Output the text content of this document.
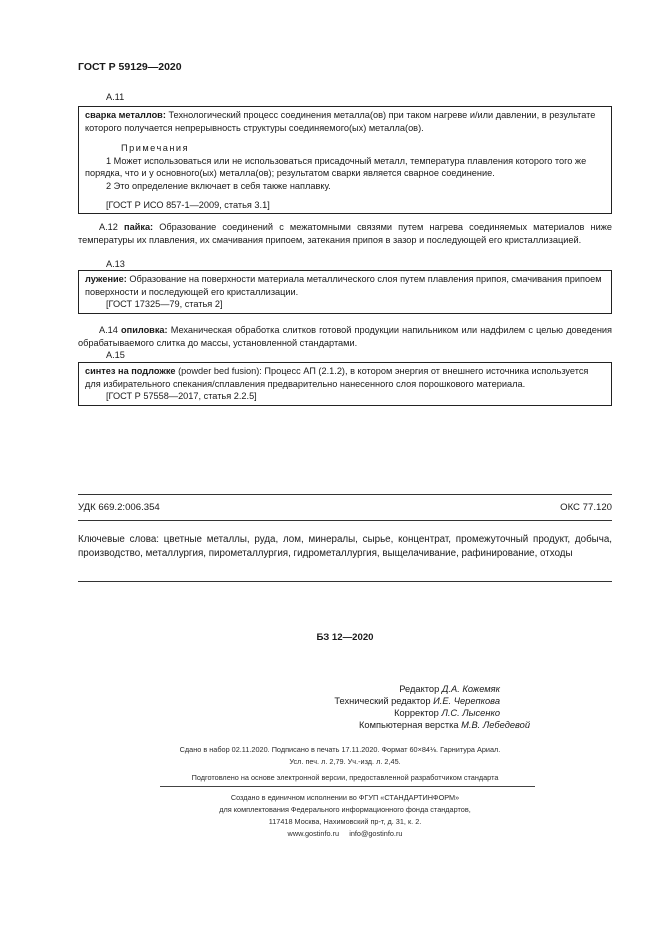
ГОСТ Р 59129—2020
А.11
сварка металлов: Технологический процесс соединения металла(ов) при таком нагреве и/или давлении, в результате которого получается непрерывность структуры соединяемого(ых) металла(ов).
Примечания
1 Может использоваться или не использоваться присадочный металл, температура плавления которого того же порядка, что и у основного(ых) металла(ов); результатом сварки является сварное соединение.
2 Это определение включает в себя также наплавку.
[ГОСТ Р ИСО 857-1—2009, статья 3.1]
А.12 пайка: Образование соединений с межатомными связями путем нагрева соединяемых материалов ниже температуры их плавления, их смачивания припоем, затекания припоя в зазор и последующей его кристаллизацией.
А.13
лужение: Образование на поверхности материала металлического слоя путем плавления припоя, смачивания припоем поверхности и последующей его кристаллизации.
[ГОСТ 17325—79, статья 2]
А.14 опиловка: Механическая обработка слитков готовой продукции напильником или надфилем с целью доведения обрабатываемого слитка до массы, установленной стандартами.
А.15
синтез на подложке (powder bed fusion): Процесс АП (2.1.2), в котором энергия от внешнего источника используется для избирательного спекания/сплавления предварительно нанесенного слоя порошкового материала.
[ГОСТ Р 57558—2017, статья 2.2.5]
УДК 669.2:006.354	ОКС 77.120
Ключевые слова: цветные металлы, руда, лом, минералы, сырье, концентрат, промежуточный продукт, добыча, производство, металлургия, пирометаллургия, гидрометаллургия, выщелачивание, рафинирование, отходы
БЗ 12—2020
Редактор Д.А. Кожемяк
Технический редактор И.Е. Черепкова
Корректор Л.С. Лысенко
Компьютерная верстка М.В. Лебедевой
Сдано в набор 02.11.2020. Подписано в печать 17.11.2020. Формат 60×84⅛. Гарнитура Ариал.
Усл. печ. л. 2,79. Уч.-изд. л. 2,45.
Подготовлено на основе электронной версии, предоставленной разработчиком стандарта
Создано в единичном исполнении во ФГУП «СТАНДАРТИНФОРМ»
для комплектования Федерального информационного фонда стандартов,
117418 Москва, Нахимовский пр-т, д. 31, к. 2.
www.gostinfo.ru info@gostinfo.ru
